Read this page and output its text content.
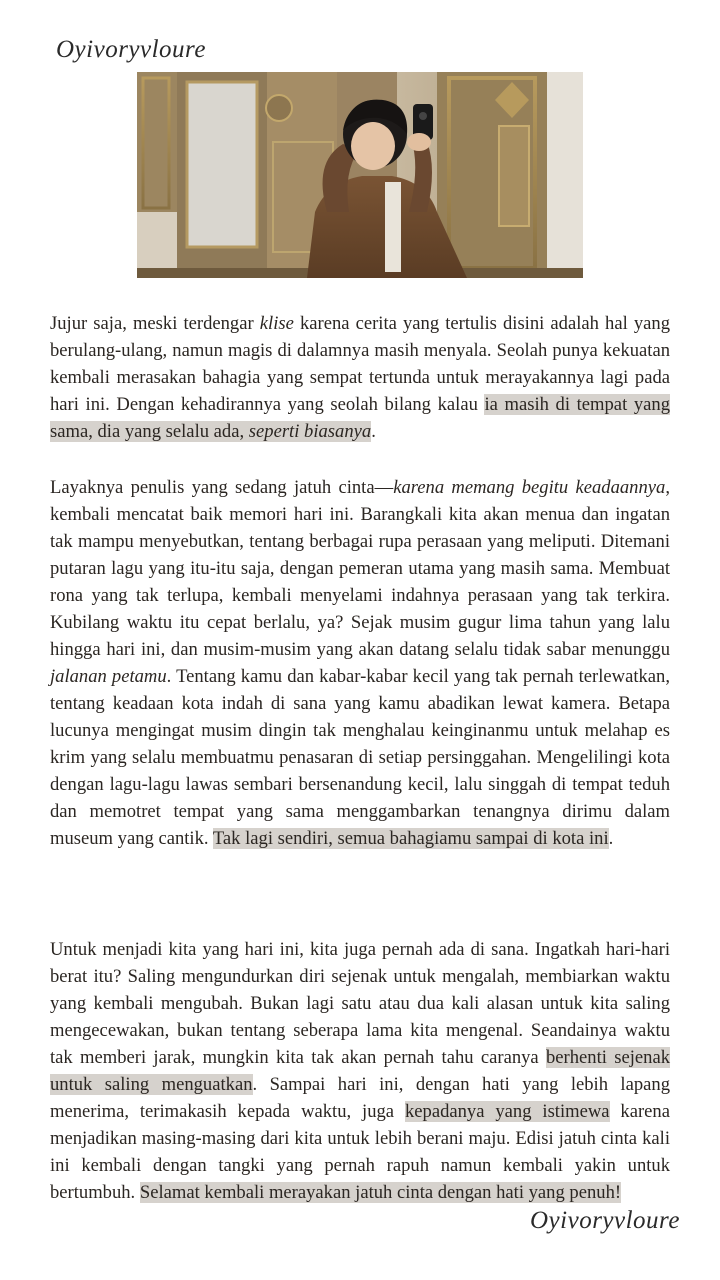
Oyivoryvloure

Jujur saja, meski terdengar klise karena cerita yang tertulis disini adalah hal yang berulang-ulang, namun magis di dalamnya masih menyala. Seolah punya kekuatan kembali merasakan bahagia yang sempat tertunda untuk merayakannya lagi pada hari ini. Dengan kehadirannya yang seolah bilang kalau ia masih di tempat yang sama, dia yang selalu ada, seperti biasanya.

Layaknya penulis yang sedang jatuh cinta—karena memang begitu keadaannya, kembali mencatat baik memori hari ini. Barangkali kita akan menua dan ingatan tak mampu menyebutkan, tentang berbagai rupa perasaan yang meliputi. Ditemani putaran lagu yang itu-itu saja, dengan pemeran utama yang masih sama. Membuat rona yang tak terlupa, kembali menyelami indahnya perasaan yang tak terkira. Kubilang waktu itu cepat berlalu, ya? Sejak musim gugur lima tahun yang lalu hingga hari ini, dan musim-musim yang akan datang selalu tidak sabar menunggu jalanan petamu. Tentang kamu dan kabar-kabar kecil yang tak pernah terlewatkan, tentang keadaan kota indah di sana yang kamu abadikan lewat kamera. Betapa lucunya mengingat musim dingin tak menghalau keinginanmu untuk melahap es krim yang selalu membuatmu penasaran di setiap persinggahan. Mengelilingi kota dengan lagu-lagu lawas sembari bersenandung kecil, lalu singgah di tempat teduh dan memotret tempat yang sama menggambarkan tenangnya dirimu dalam museum yang cantik. Tak lagi sendiri, semua bahagiamu sampai di kota ini.

Untuk menjadi kita yang hari ini, kita juga pernah ada di sana. Ingatkah hari-hari berat itu? Saling mengundurkan diri sejenak untuk mengalah, membiarkan waktu yang kembali mengubah. Bukan lagi satu atau dua kali alasan untuk kita saling mengecewakan, bukan tentang seberapa lama kita mengenal. Seandainya waktu tak memberi jarak, mungkin kita tak akan pernah tahu caranya berhenti sejenak untuk saling menguatkan. Sampai hari ini, dengan hati yang lebih lapang menerima, terimakasih kepada waktu, juga kepadanya yang istimewa karena menjadikan masing-masing dari kita untuk lebih berani maju. Edisi jatuh cinta kali ini kembali dengan tangki yang pernah rapuh namun kembali yakin untuk bertumbuh. Selamat kembali merayakan jatuh cinta dengan hati yang penuh!

Oyivoryvloure
